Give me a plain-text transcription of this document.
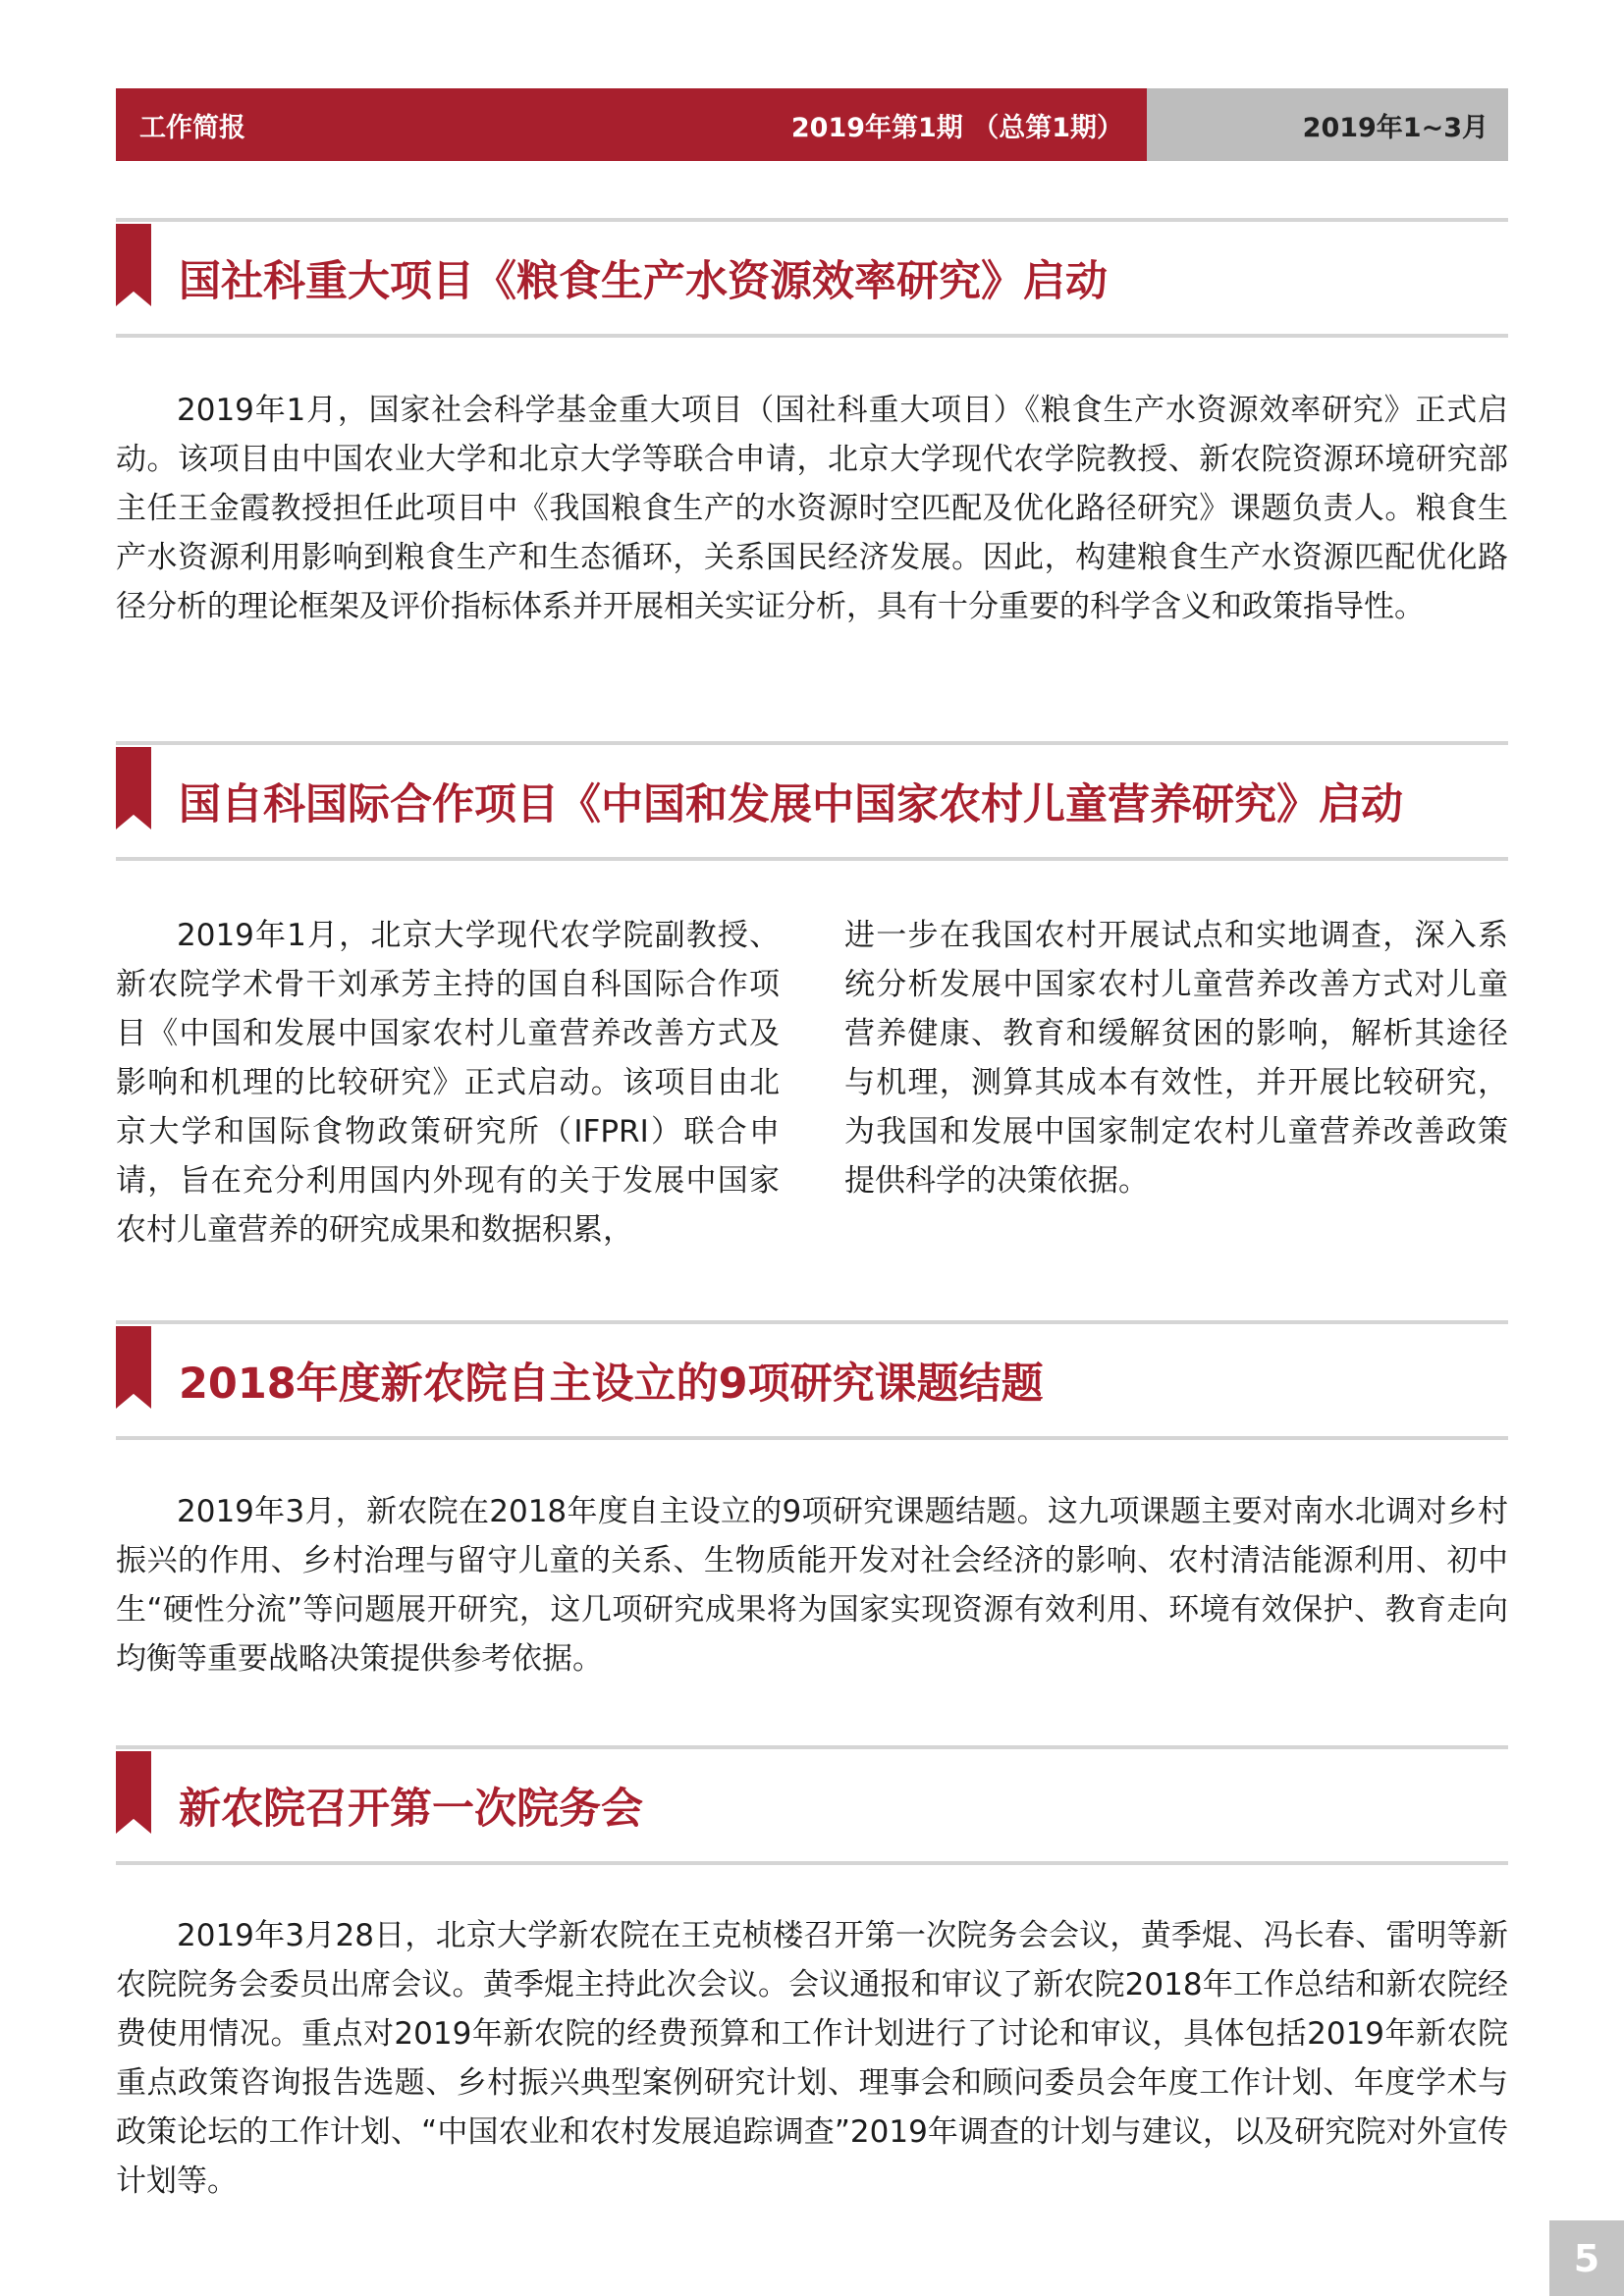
工作简报	2019年第1期 （总第1期）	2019年1~3月
国社科重大项目《粮食生产水资源效率研究》启动

2019年1月，国家社会科学基金重大项目（国社科重大项目）《粮食生产水资源效率研究》正式启动。该项目由中国农业大学和北京大学等联合申请，北京大学现代农学院教授、新农院资源环境研究部主任王金霞教授担任此项目中《我国粮食生产的水资源时空匹配及优化路径研究》课题负责人。粮食生产水资源利用影响到粮食生产和生态循环，关系国民经济发展。因此，构建粮食生产水资源匹配优化路径分析的理论框架及评价指标体系并开展相关实证分析，具有十分重要的科学含义和政策指导性。

国自科国际合作项目《中国和发展中国家农村儿童营养研究》启动

2019年1月，北京大学现代农学院副教授、新农院学术骨干刘承芳主持的国自科国际合作项目《中国和发展中国家农村儿童营养改善方式及影响和机理的比较研究》正式启动。该项目由北京大学和国际食物政策研究所（IFPRI）联合申请，旨在充分利用国内外现有的关于发展中国家农村儿童营养的研究成果和数据积累，

进一步在我国农村开展试点和实地调查，深入系统分析发展中国家农村儿童营养改善方式对儿童营养健康、教育和缓解贫困的影响，解析其途径与机理，测算其成本有效性，并开展比较研究，为我国和发展中国家制定农村儿童营养改善政策提供科学的决策依据。

2018年度新农院自主设立的9项研究课题结题

2019年3月，新农院在2018年度自主设立的9项研究课题结题。这九项课题主要对南水北调对乡村振兴的作用、乡村治理与留守儿童的关系、生物质能开发对社会经济的影响、农村清洁能源利用、初中生“硬性分流”等问题展开研究，这几项研究成果将为国家实现资源有效利用、环境有效保护、教育走向均衡等重要战略决策提供参考依据。

新农院召开第一次院务会

2019年3月28日，北京大学新农院在王克桢楼召开第一次院务会会议，黄季焜、冯长春、雷明等新农院院务会委员出席会议。黄季焜主持此次会议。会议通报和审议了新农院2018年工作总结和新农院经费使用情况。重点对2019年新农院的经费预算和工作计划进行了讨论和审议，具体包括2019年新农院重点政策咨询报告选题、乡村振兴典型案例研究计划、理事会和顾问委员会年度工作计划、年度学术与政策论坛的工作计划、“中国农业和农村发展追踪调查”2019年调查的计划与建议，以及研究院对外宣传计划等。

5
